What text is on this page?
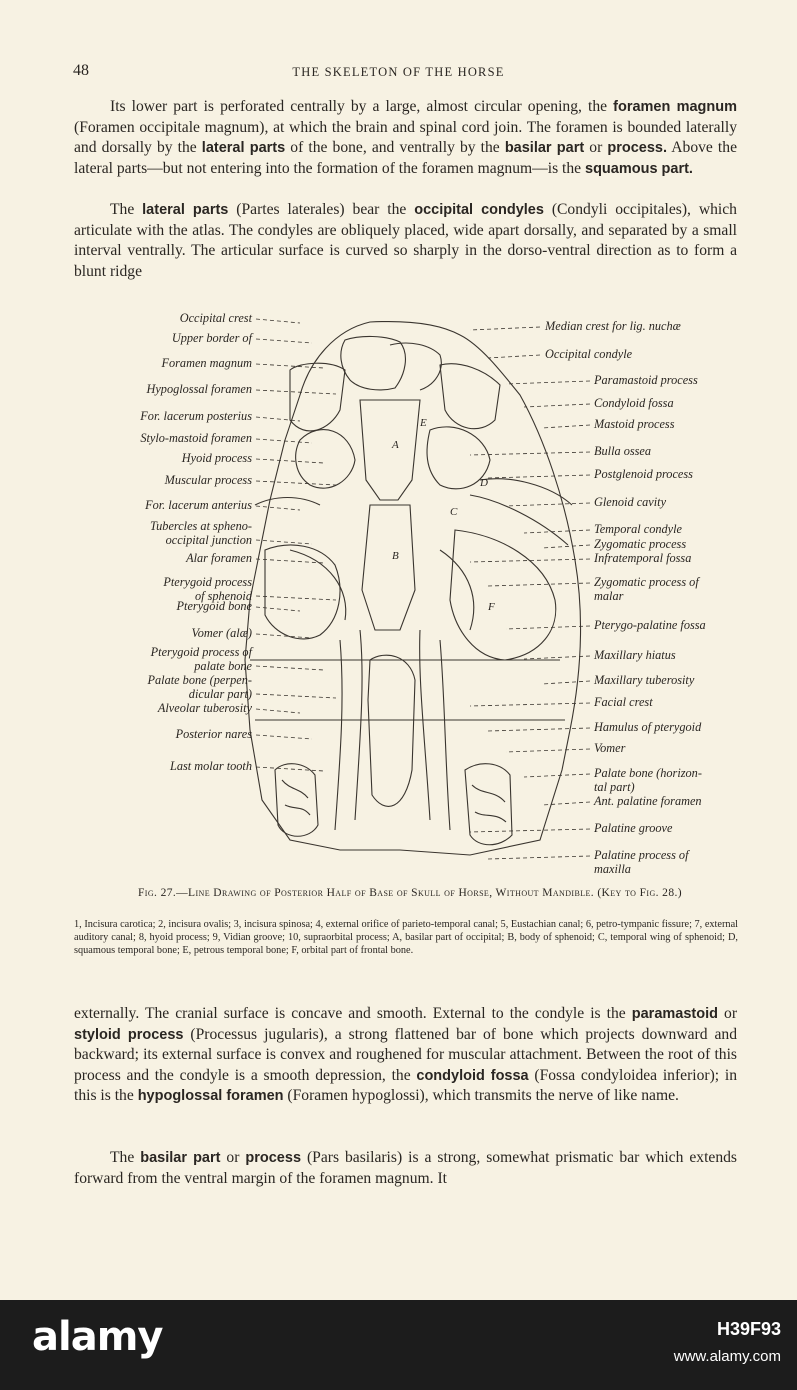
48	THE SKELETON OF THE HORSE

Its lower part is perforated centrally by a large, almost circular opening, the foramen magnum (Foramen occipitale magnum), at which the brain and spinal cord join. The foramen is bounded laterally and dorsally by the lateral parts of the bone, and ventrally by the basilar part or process. Above the lateral parts—but not entering into the formation of the foramen magnum—is the squamous part.

The lateral parts (Partes laterales) bear the occipital condyles (Condyli occipitales), which articulate with the atlas. The condyles are obliquely placed, wide apart dorsally, and separated by a small interval ventrally. The articular surface is curved so sharply in the dorso-ventral direction as to form a blunt ridge

A
B
C
D
E
F
Occipital crest
Upper border of
Foramen magnum
Hypoglossal foramen
For. lacerum posterius
Stylo-mastoid foramen
Hyoid process
Muscular process
For. lacerum anterius
Tubercles at spheno-
occipital junction
Alar foramen
Pterygoid process
of sphenoid
Pterygoid bone
Vomer (alæ)
Pterygoid process of
palate bone
Palate bone (perpen-
dicular part)
Alveolar tuberosity
Posterior nares
Last molar tooth
Median crest for lig. nuchæ
Occipital condyle
Paramastoid process
Condyloid fossa
Mastoid process
Bulla ossea
Postglenoid process
Glenoid cavity
Temporal condyle
Zygomatic process
Infratemporal fossa
Zygomatic process of
malar
Pterygo-palatine fossa
Maxillary hiatus
Maxillary tuberosity
Facial crest
Hamulus of pterygoid
Vomer
Palate bone (horizon-
tal part)
Ant. palatine foramen
Palatine groove
Palatine process of
maxilla
Fig. 27.—Line Drawing of Posterior Half of Base of Skull of Horse, Without Mandible. (Key to Fig. 28.)

1, Incisura carotica; 2, incisura ovalis; 3, incisura spinosa; 4, external orifice of parieto-temporal canal; 5, Eustachian canal; 6, petro-tympanic fissure; 7, external auditory canal; 8, hyoid process; 9, Vidian groove; 10, supraorbital process; A, basilar part of occipital; B, body of sphenoid; C, temporal wing of sphenoid; D, squamous temporal bone; E, petrous temporal bone; F, orbital part of frontal bone.

externally. The cranial surface is concave and smooth. External to the condyle is the paramastoid or styloid process (Processus jugularis), a strong flattened bar of bone which projects downward and backward; its external surface is convex and roughened for muscular attachment. Between the root of this process and the condyle is a smooth depression, the condyloid fossa (Fossa condyloidea inferior); in this is the hypoglossal foramen (Foramen hypoglossi), which transmits the nerve of like name.

The basilar part or process (Pars basilaris) is a strong, somewhat prismatic bar which extends forward from the ventral margin of the foramen magnum. It

alamy	H39F93
www.alamy.com
